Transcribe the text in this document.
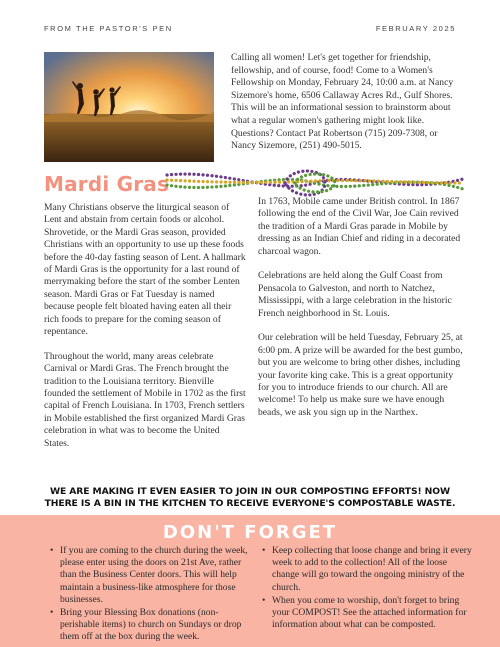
FROM THE PASTOR'S PEN	FEBRUARY 2025
Calling all women! Let's get together for friendship, fellowship, and of course, food! Come to a Women's Fellowship on Monday, February 24, 10:00 a.m. at Nancy Sizemore's home, 6506 Callaway Acres Rd., Gulf Shores. This will be an informational session to brainstorm about what a regular women's gathering might look like. Questions? Contact Pat Robertson (715) 209-7308, or Nancy Sizemore, (251) 490-5015.
Mardi Gras

Many Christians observe the liturgical season of Lent and abstain from certain foods or alcohol. Shrovetide, or the Mardi Gras season, provided Christians with an opportunity to use up these foods before the 40-day fasting season of Lent. A hallmark of Mardi Gras is the opportunity for a last round of merrymaking before the start of the somber Lenten season. Mardi Gras or Fat Tuesday is named because people felt bloated having eaten all their rich foods to prepare for the coming season of repentance.

Throughout the world, many areas celebrate Carnival or Mardi Gras. The French brought the tradition to the Louisiana territory. Bienville founded the settlement of Mobile in 1702 as the first capital of French Louisiana. In 1703, French settlers in Mobile established the first organized Mardi Gras celebration in what was to become the United States.

In 1763, Mobile came under British control. In 1867 following the end of the Civil War, Joe Cain revived the tradition of a Mardi Gras parade in Mobile by dressing as an Indian Chief and riding in a decorated charcoal wagon.

Celebrations are held along the Gulf Coast from Pensacola to Galveston, and north to Natchez, Mississippi, with a large celebration in the historic French neighborhood in St. Louis.

Our celebration will be held Tuesday, February 25, at 6:00 pm. A prize will be awarded for the best gumbo, but you are welcome to bring other dishes, including your favorite king cake. This is a great opportunity for you to introduce friends to our church. All are welcome! To help us make sure we have enough beads, we ask you sign up in the Narthex.

WE ARE MAKING IT EVEN EASIER TO JOIN IN OUR COMPOSTING EFFORTS! NOW
THERE IS A BIN IN THE KITCHEN TO RECEIVE EVERYONE'S COMPOSTABLE WASTE.
DON'T FORGET
• If you are coming to the church during the week, please enter using the doors on 21st Ave, rather than the Business Center doors. This will help maintain a business-like atmosphere for those businesses.
• Bring your Blessing Box donations (non-perishable items) to church on Sundays or drop them off at the box during the week.
• Keep collecting that loose change and bring it every week to add to the collection! All of the loose change will go toward the ongoing ministry of the church.
• When you come to worship, don't forget to bring your COMPOST! See the attached information for information about what can be composted.
